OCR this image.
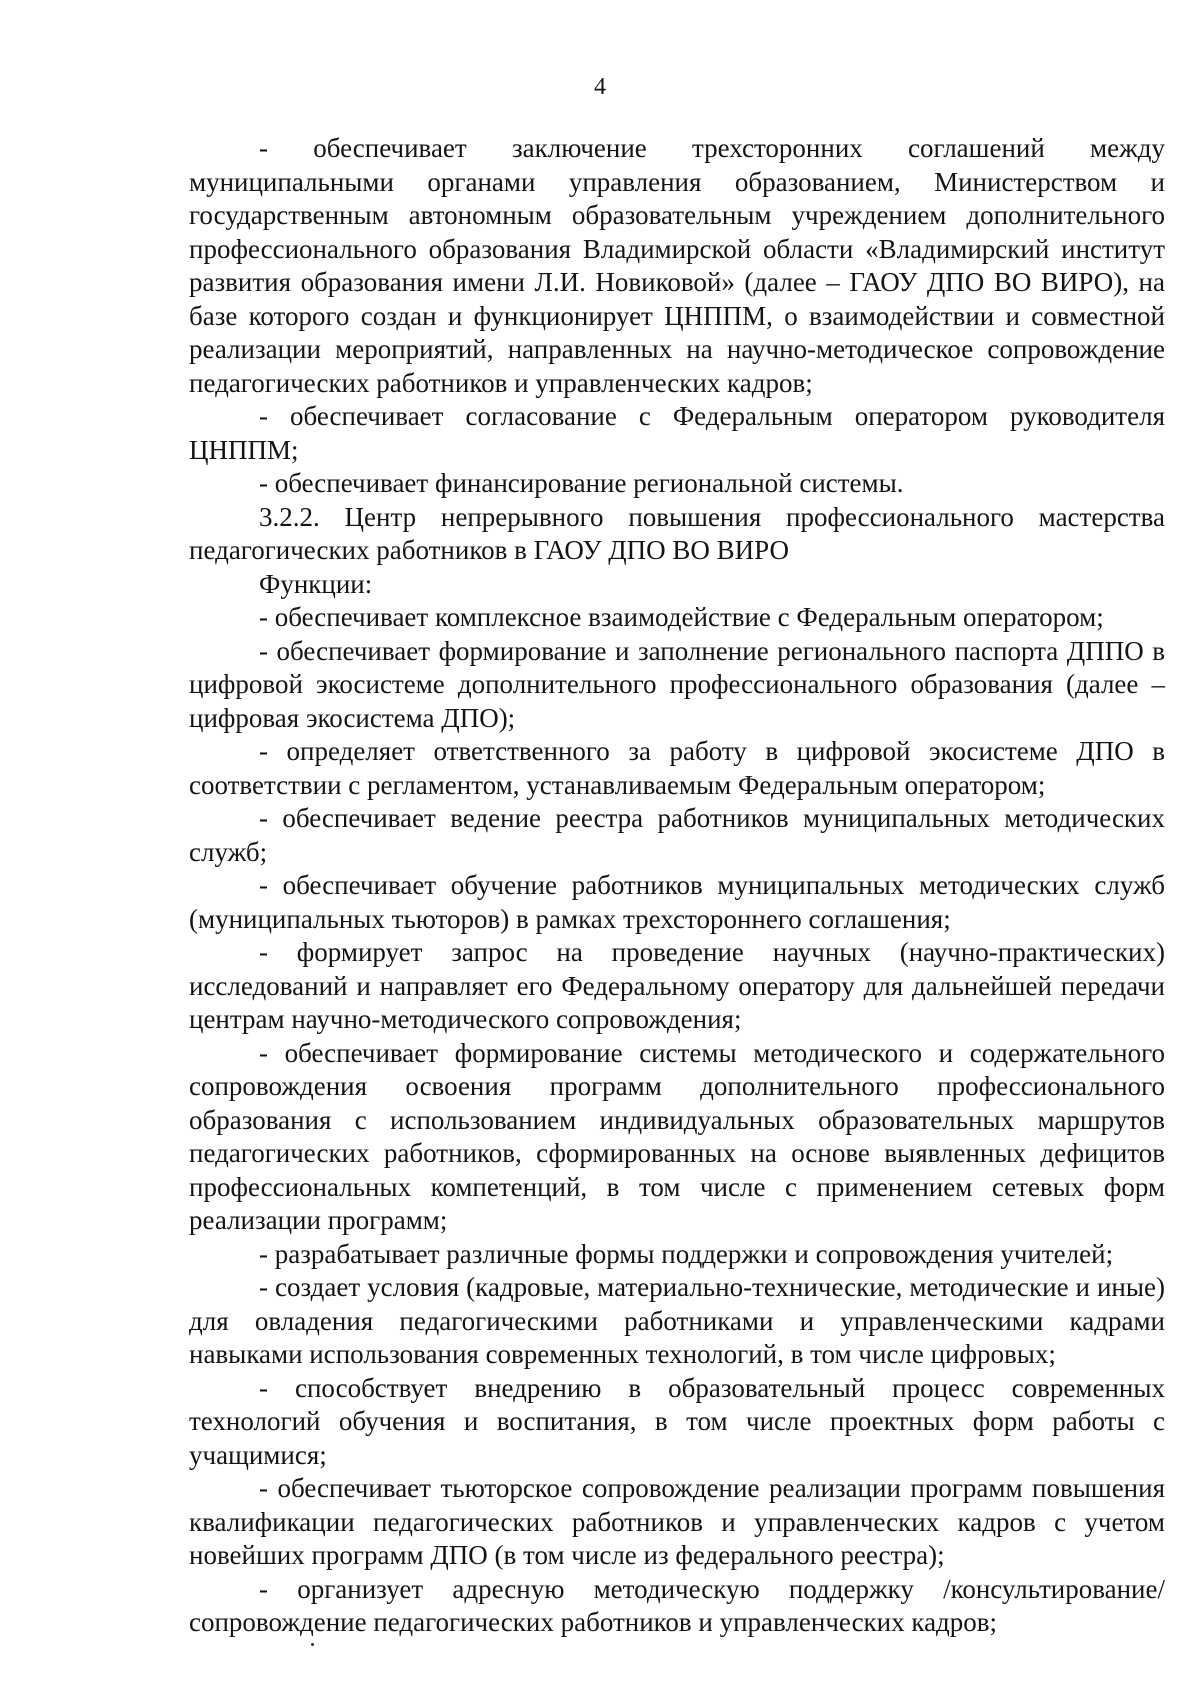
4

- обеспечивает заключение трехсторонних соглашений между муниципальными органами управления образованием, Министерством и государственным автономным образовательным учреждением дополнительного профессионального образования Владимирской области «Владимирский институт развития образования имени Л.И. Новиковой» (далее – ГАОУ ДПО ВО ВИРО), на базе которого создан и функционирует ЦНППМ, о взаимодействии и совместной реализации мероприятий, направленных на научно-методическое сопровождение педагогических работников и управленческих кадров;

- обеспечивает согласование с Федеральным оператором руководителя ЦНППМ;

- обеспечивает финансирование региональной системы.

3.2.2. Центр непрерывного повышения профессионального мастерства педагогических работников в ГАОУ ДПО ВО ВИРО

Функции:

- обеспечивает комплексное взаимодействие с Федеральным оператором;

- обеспечивает формирование и заполнение регионального паспорта ДППО в цифровой экосистеме дополнительного профессионального образования (далее – цифровая экосистема ДПО);

- определяет ответственного за работу в цифровой экосистеме ДПО в соответствии с регламентом, устанавливаемым Федеральным оператором;

- обеспечивает ведение реестра работников муниципальных методических служб;

- обеспечивает обучение работников муниципальных методических служб (муниципальных тьюторов) в рамках трехстороннего соглашения;

- формирует запрос на проведение научных (научно-практических) исследований и направляет его Федеральному оператору для дальнейшей передачи центрам научно-методического сопровождения;

- обеспечивает формирование системы методического и содержательного сопровождения освоения программ дополнительного профессионального образования с использованием индивидуальных образовательных маршрутов педагогических работников, сформированных на основе выявленных дефицитов профессиональных компетенций, в том числе с применением сетевых форм реализации программ;

- разрабатывает различные формы поддержки и сопровождения учителей;

- создает условия (кадровые, материально-технические, методические и иные) для овладения педагогическими работниками и управленческими кадрами навыками использования современных технологий, в том числе цифровых;

- способствует внедрению в образовательный процесс современных технологий обучения и воспитания, в том числе проектных форм работы с учащимися;

- обеспечивает тьюторское сопровождение реализации программ повышения квалификации педагогических работников и управленческих кадров с учетом новейших программ ДПО (в том числе из федерального реестра);

- организует адресную методическую поддержку /консультирование/ сопровождение педагогических работников и управленческих кадров;
